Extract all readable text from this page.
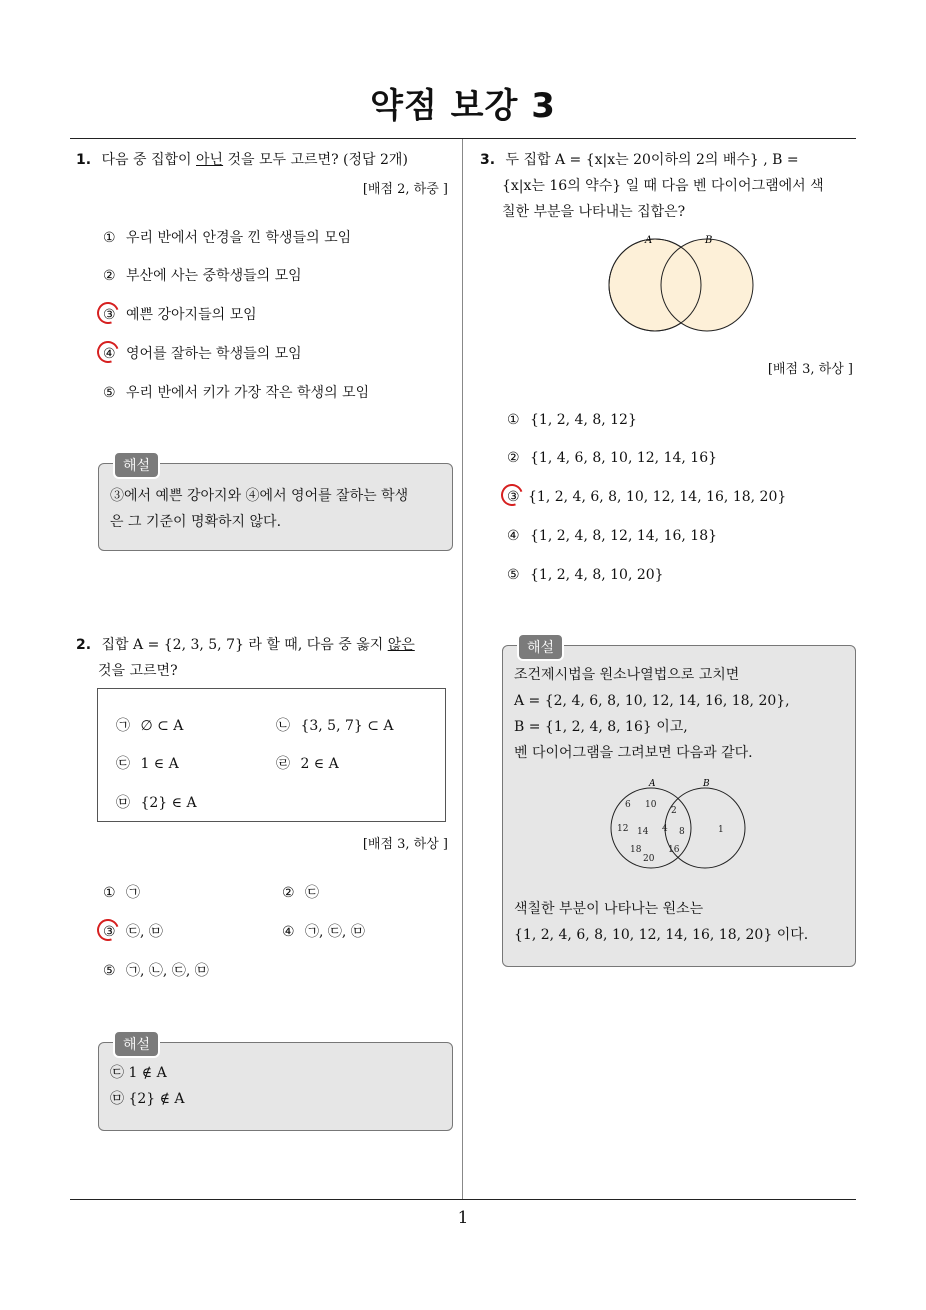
약점 보강 3
1. 다음 중 집합이 아닌 것을 모두 고르면? (정답 2개)
[배점 2, 하중 ]
① 우리 반에서 안경을 낀 학생들의 모임
② 부산에 사는 중학생들의 모임
③ 예쁜 강아지들의 모임
④ 영어를 잘하는 학생들의 모임
⑤ 우리 반에서 키가 가장 작은 학생의 모임
해설
③에서 예쁜 강아지와 ④에서 영어를 잘하는 학생
은 그 기준이 명확하지 않다.
2. 집합 A = {2, 3, 5, 7} 라 할 때, 다음 중 옳지 않은
것을 고르면?
㉠ ∅ ⊂ A	㉡ {3, 5, 7} ⊂ A
㉢ 1 ∈ A	㉣ 2 ∈ A
㉤ {2} ∈ A
[배점 3, 하상 ]
① ㉠	② ㉢
③ ㉢, ㉤	④ ㉠, ㉢, ㉤
⑤ ㉠, ㉡, ㉢, ㉤
해설
㉢ 1 ∉ A
㉤ {2} ∉ A
3. 두 집합 A = {x|x는 20이하의 2의 배수} , B =
{x|x는 16의 약수} 일 때 다음 벤 다이어그램에서 색
칠한 부분을 나타내는 집합은?
A	B
[배점 3, 하상 ]
① {1, 2, 4, 8, 12}
② {1, 4, 6, 8, 10, 12, 14, 16}
③ {1, 2, 4, 6, 8, 10, 12, 14, 16, 18, 20}
④ {1, 2, 4, 8, 12, 14, 16, 18}
⑤ {1, 2, 4, 8, 10, 20}
해설
조건제시법을 원소나열법으로 고치면
A = {2, 4, 6, 8, 10, 12, 14, 16, 18, 20},
B = {1, 2, 4, 8, 16} 이고,
벤 다이어그램을 그려보면 다음과 같다.
A	B
6 10
12 14
18
20
2
4 8
16
1
색칠한 부분이 나타나는 원소는
{1, 2, 4, 6, 8, 10, 12, 14, 16, 18, 20} 이다.
1
